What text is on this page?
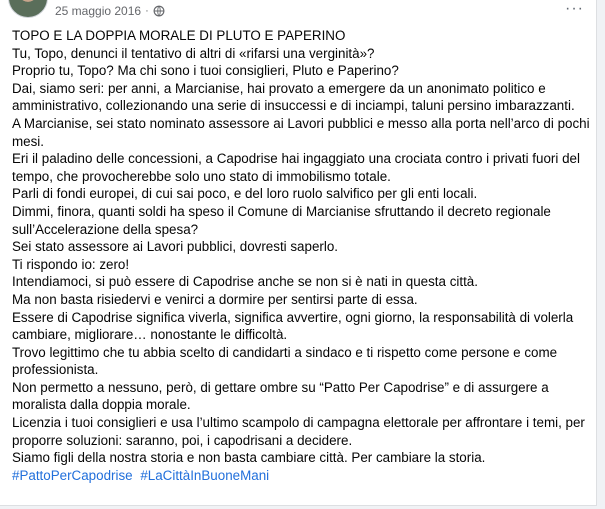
25 maggio 2016 ·	···

TOPO E LA DOPPIA MORALE DI PLUTO E PAPERINO

Tu, Topo, denunci il tentativo di altri di «rifarsi una verginità»?

Proprio tu, Topo? Ma chi sono i tuoi consiglieri, Pluto e Paperino?

Dai, siamo seri: per anni, a Marcianise, hai provato a emergere da un anonimato politico e amministrativo, collezionando una serie di insuccessi e di inciampi, taluni persino imbarazzanti.

A Marcianise, sei stato nominato assessore ai Lavori pubblici e messo alla porta nell’arco di pochi mesi.

Eri il paladino delle concessioni, a Capodrise hai ingaggiato una crociata contro i privati fuori del tempo, che provocherebbe solo uno stato di immobilismo totale.

Parli di fondi europei, di cui sai poco, e del loro ruolo salvifico per gli enti locali.

Dimmi, finora, quanti soldi ha speso il Comune di Marcianise sfruttando il decreto regionale sull’Accelerazione della spesa?

Sei stato assessore ai Lavori pubblici, dovresti saperlo.

Ti rispondo io: zero!

Intendiamoci, si può essere di Capodrise anche se non si è nati in questa città.

Ma non basta risiedervi e venirci a dormire per sentirsi parte di essa.

Essere di Capodrise significa viverla, significa avvertire, ogni giorno, la responsabilità di volerla cambiare, migliorare… nonostante le difficoltà.

Trovo legittimo che tu abbia scelto di candidarti a sindaco e ti rispetto come persone e come professionista.

Non permetto a nessuno, però, di gettare ombre su “Patto Per Capodrise” e di assurgere a moralista dalla doppia morale.

Licenzia i tuoi consiglieri e usa l’ultimo scampolo di campagna elettorale per affrontare i temi, per proporre soluzioni: saranno, poi, i capodrisani a decidere.

Siamo figli della nostra storia e non basta cambiare città. Per cambiare la storia.

#PattoPerCapodrise #LaCittàInBuoneMani
